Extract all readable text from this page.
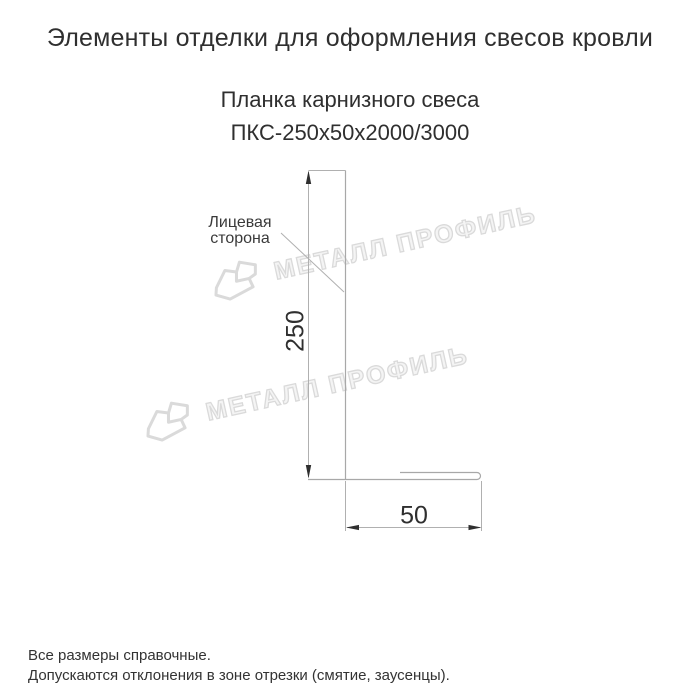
МЕТАЛЛ ПРОФИЛЬ
МЕТАЛЛ ПРОФИЛЬ
Элементы отделки для оформления свесов кровли
Планка карнизного свеса
ПКС-250х50х2000/3000
Лицевая
сторона
250
50
Все размеры справочные.
Допускаются отклонения в зоне отрезки (смятие, заусенцы).
